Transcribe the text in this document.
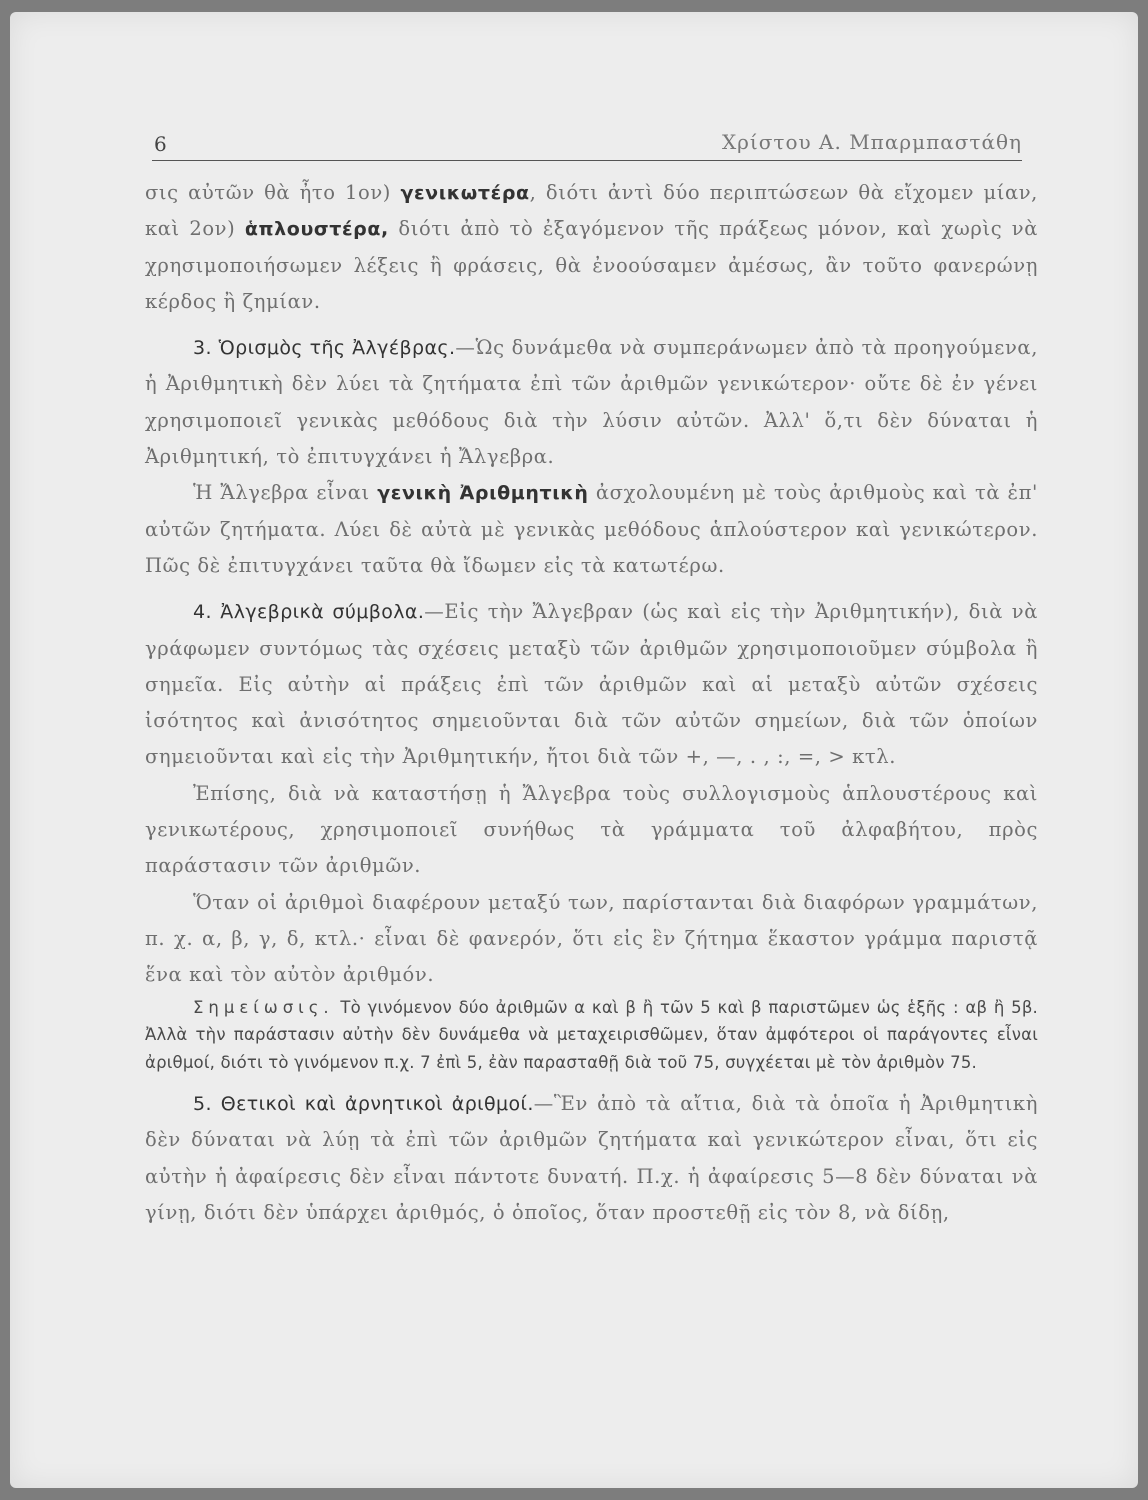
6	Χρίστου Α. Μπαρμπαστάθη

σις αὐτῶν θὰ ἦτο 1ον) γενικωτέρα, διότι ἀντὶ δύο περιπτώσεων θὰ εἴχομεν μίαν, καὶ 2ον) ἁπλουστέρα, διότι ἀπὸ τὸ ἐξαγόμενον τῆς πράξεως μόνον, καὶ χωρὶς νὰ χρησιμοποιήσωμεν λέξεις ἢ φράσεις, θὰ ἐνοούσαμεν ἀμέσως, ἂν τοῦτο φανερώνῃ κέρδος ἢ ζημίαν.

3. Ὁρισμὸς τῆς Ἀλγέβρας.—Ὡς δυνάμεθα νὰ συμπεράνωμεν ἀπὸ τὰ προηγούμενα, ἡ Ἀριθμητικὴ δὲν λύει τὰ ζητήματα ἐπὶ τῶν ἀριθμῶν γενικώτερον· οὔτε δὲ ἐν γένει χρησιμοποιεῖ γενικὰς μεθόδους διὰ τὴν λύσιν αὐτῶν. Ἀλλ' ὅ,τι δὲν δύναται ἡ Ἀριθμητική, τὸ ἐπιτυγχάνει ἡ Ἄλγεβρα.

Ἡ Ἄλγεβρα εἶναι γενικὴ Ἀριθμητικὴ ἀσχολουμένη μὲ τοὺς ἀριθμοὺς καὶ τὰ ἐπ' αὐτῶν ζητήματα. Λύει δὲ αὐτὰ μὲ γενικὰς μεθόδους ἁπλούστερον καὶ γενικώτερον. Πῶς δὲ ἐπιτυγχάνει ταῦτα θὰ ἴδωμεν εἰς τὰ κατωτέρω.

4. Ἀλγεβρικὰ σύμβολα.—Εἰς τὴν Ἄλγεβραν (ὡς καὶ εἰς τὴν Ἀριθμητικήν), διὰ νὰ γράφωμεν συντόμως τὰς σχέσεις μεταξὺ τῶν ἀριθμῶν χρησιμοποιοῦμεν σύμβολα ἢ σημεῖα. Εἰς αὐτὴν αἱ πράξεις ἐπὶ τῶν ἀριθμῶν καὶ αἱ μεταξὺ αὐτῶν σχέσεις ἰσότητος καὶ ἀνισότητος σημειοῦνται διὰ τῶν αὐτῶν σημείων, διὰ τῶν ὁποίων σημειοῦνται καὶ εἰς τὴν Ἀριθμητικήν, ἤτοι διὰ τῶν +, —, . , :, =, > κτλ.

Ἐπίσης, διὰ νὰ καταστήσῃ ἡ Ἄλγεβρα τοὺς συλλογισμοὺς ἁπλουστέρους καὶ γενικωτέρους, χρησιμοποιεῖ συνήθως τὰ γράμματα τοῦ ἀλφαβήτου, πρὸς παράστασιν τῶν ἀριθμῶν.

Ὅταν οἱ ἀριθμοὶ διαφέρουν μεταξύ των, παρίστανται διὰ διαφόρων γραμμάτων, π. χ. α, β, γ, δ, κτλ.· εἶναι δὲ φανερόν, ὅτι εἰς ἓν ζήτημα ἕκαστον γράμμα παριστᾷ ἕνα καὶ τὸν αὐτὸν ἀριθμόν.

Σημείωσις. Τὸ γινόμενον δύο ἀριθμῶν α καὶ β ἢ τῶν 5 καὶ β παριστῶμεν ὡς ἑξῆς : αβ ἢ 5β. Ἀλλὰ τὴν παράστασιν αὐτὴν δὲν δυνάμεθα νὰ μεταχειρισθῶμεν, ὅταν ἀμφότεροι οἱ παράγοντες εἶναι ἀριθμοί, διότι τὸ γινόμενον π.χ. 7 ἐπὶ 5, ἐὰν παρασταθῇ διὰ τοῦ 75, συγχέεται μὲ τὸν ἀριθμὸν 75.

5. Θετικοὶ καὶ ἀρνητικοὶ ἀριθμοί.—Ἓν ἀπὸ τὰ αἴτια, διὰ τὰ ὁποῖα ἡ Ἀριθμητικὴ δὲν δύναται νὰ λύῃ τὰ ἐπὶ τῶν ἀριθμῶν ζητήματα καὶ γενικώτερον εἶναι, ὅτι εἰς αὐτὴν ἡ ἀφαίρεσις δὲν εἶναι πάντοτε δυνατή. Π.χ. ἡ ἀφαίρεσις 5—8 δὲν δύναται νὰ γίνῃ, διότι δὲν ὑπάρχει ἀριθμός, ὁ ὁποῖος, ὅταν προστεθῇ εἰς τὸν 8, νὰ δίδῃ,
